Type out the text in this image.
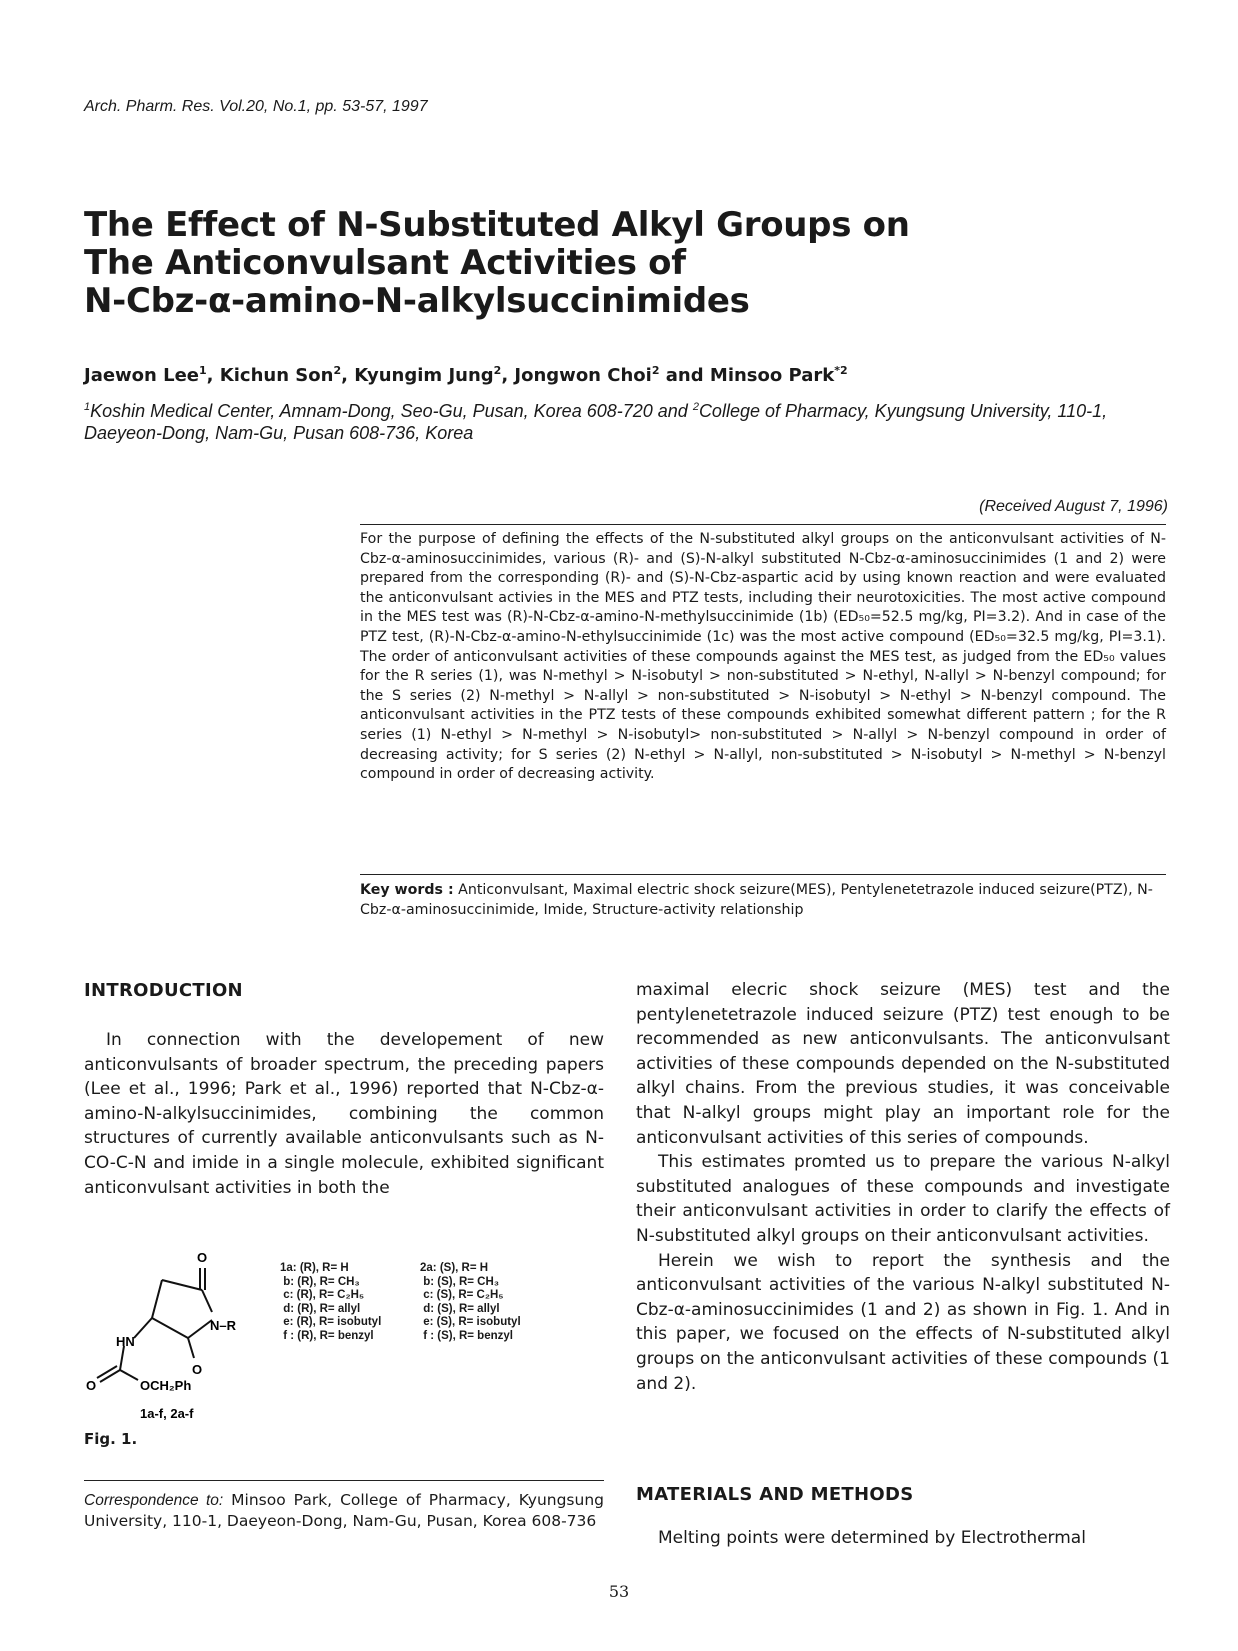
Arch. Pharm. Res. Vol.20, No.1, pp. 53-57, 1997
The Effect of N-Substituted Alkyl Groups on
The Anticonvulsant Activities of
N-Cbz-α-amino-N-alkylsuccinimides
Jaewon Lee$^1$, Kichun Son$^2$, Kyungim Jung$^2$, Jongwon Choi$^2$ and Minsoo Park$^{*2}$
$^1$Koshin Medical Center, Amnam-Dong, Seo-Gu, Pusan, Korea 608-720 and $^2$College of Pharmacy, Kyungsung University, 110-1, Daeyeon-Dong, Nam-Gu, Pusan 608-736, Korea
(Received August 7, 1996)
For the purpose of defining the effects of the N-substituted alkyl groups on the anticonvulsant activities of N-Cbz-α-aminosuccinimides, various (R)- and (S)-N-alkyl substituted N-Cbz-α-aminosuccinimides (1 and 2) were prepared from the corresponding (R)- and (S)-N-Cbz-aspartic acid by using known reaction and were evaluated the anticonvulsant activies in the MES and PTZ tests, including their neurotoxicities. The most active compound in the MES test was (R)-N-Cbz-α-amino-N-methylsuccinimide (1b) (ED₅₀=52.5 mg/kg, PI=3.2). And in case of the PTZ test, (R)-N-Cbz-α-amino-N-ethylsuccinimide (1c) was the most active compound (ED₅₀=32.5 mg/kg, PI=3.1). The order of anticonvulsant activities of these compounds against the MES test, as judged from the ED₅₀ values for the R series (1), was N-methyl > N-isobutyl > non-substituted > N-ethyl, N-allyl > N-benzyl compound; for the S series (2) N-methyl > N-allyl > non-substituted > N-isobutyl > N-ethyl > N-benzyl compound. The anticonvulsant activities in the PTZ tests of these compounds exhibited somewhat different pattern ; for the R series (1) N-ethyl > N-methyl > N-isobutyl> non-substituted > N-allyl > N-benzyl compound in order of decreasing activity; for S series (2) N-ethyl > N-allyl, non-substituted > N-isobutyl > N-methyl > N-benzyl compound in order of decreasing activity.
Key words : Anticonvulsant, Maximal electric shock seizure(MES), Pentylenetetrazole induced seizure(PTZ), N-Cbz-α-aminosuccinimide, Imide, Structure-activity relationship
INTRODUCTION

In connection with the developement of new anticonvulsants of broader spectrum, the preceding papers (Lee et al., 1996; Park et al., 1996) reported that N-Cbz-α-amino-N-alkylsuccinimides, combining the common structures of currently available anticonvulsants such as N-CO-C-N and imide in a single molecule, exhibited significant anticonvulsant activities in both the

maximal elecric shock seizure (MES) test and the pentylenetetrazole induced seizure (PTZ) test enough to be recommended as new anticonvulsants. The anticonvulsant activities of these compounds depended on the N-substituted alkyl chains. From the previous studies, it was conceivable that N-alkyl groups might play an important role for the anticonvulsant activities of this series of compounds.

This estimates promted us to prepare the various N-alkyl substituted analogues of these compounds and investigate their anticonvulsant activities in order to clarify the effects of N-substituted alkyl groups on their anticonvulsant activities.

Herein we wish to report the synthesis and the anticonvulsant activities of the various N-alkyl substituted N-Cbz-α-aminosuccinimides (1 and 2) as shown in Fig. 1. And in this paper, we focused on the effects of N-substituted alkyl groups on the anticonvulsant activities of these compounds (1 and 2).

MATERIALS AND METHODS

Melting points were determined by Electrothermal

O
N–R
HN
O
O	OCH₂Ph
1a-f, 2a-f
1a: (R), R= H
b: (R), R= CH₃
c: (R), R= C₂H₅
d: (R), R= allyl
e: (R), R= isobutyl
f : (R), R= benzyl
2a: (S), R= H
b: (S), R= CH₃
c: (S), R= C₂H₅
d: (S), R= allyl
e: (S), R= isobutyl
f : (S), R= benzyl
Fig. 1.
Correspondence to: Minsoo Park, College of Pharmacy, Kyungsung University, 110-1, Daeyeon-Dong, Nam-Gu, Pusan, Korea 608-736
53
